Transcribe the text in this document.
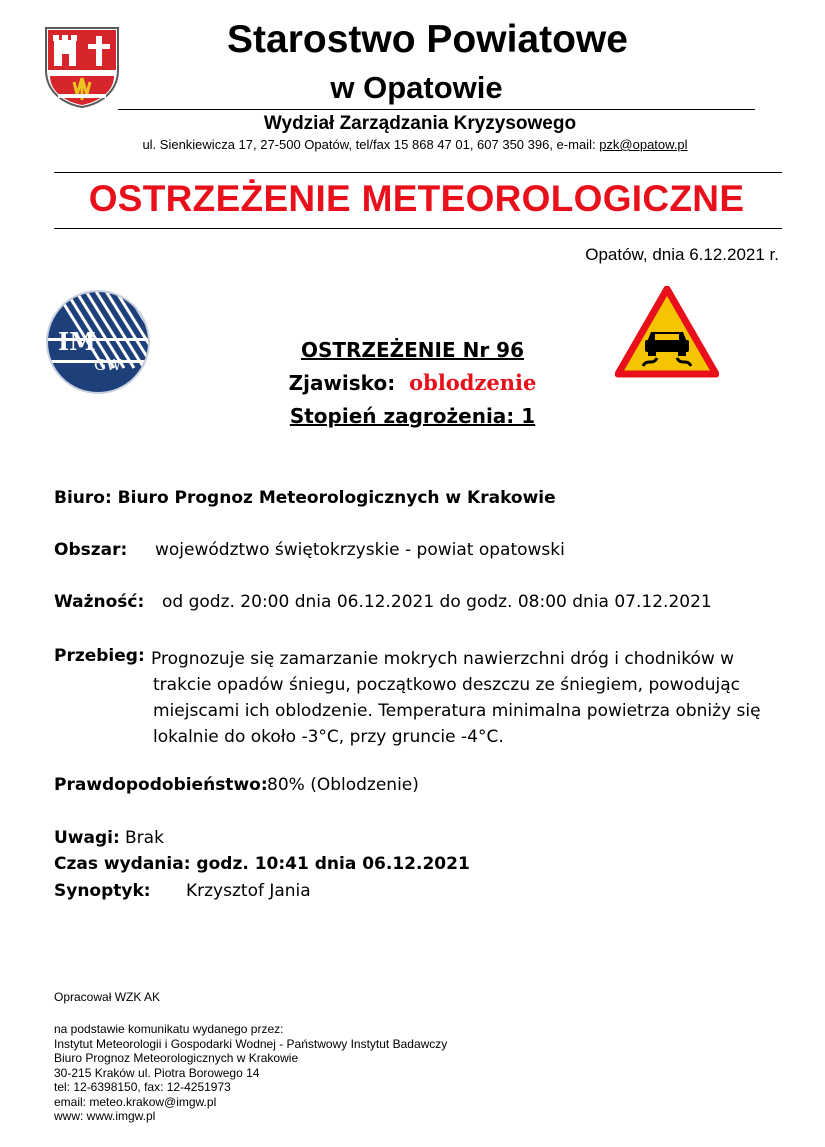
Starostwo Powiatowe
w Opatowie
Wydział Zarządzania Kryzysowego
ul. Sienkiewicza 17, 27-500 Opatów, tel/fax 15 868 47 01, 607 350 396, e-mail: pzk@opatow.pl
OSTRZEŻENIE METEOROLOGICZNE
Opatów, dnia 6.12.2021 r.
IM
GW
OSTRZEŻENIE Nr 96
Zjawisko: oblodzenie
Stopień zagrożenia: 1
Biuro: Biuro Prognoz Meteorologicznych w Krakowie
Obszar: województwo świętokrzyskie - powiat opatowski
Ważność: od godz. 20:00 dnia 06.12.2021 do godz. 08:00 dnia 07.12.2021
Przebieg: Prognozuje się zamarzanie mokrych nawierzchni dróg i chodników w
trakcie opadów śniegu, początkowo deszczu ze śniegiem, powodując
miejscami ich oblodzenie. Temperatura minimalna powietrza obniży się
lokalnie do około -3°C, przy gruncie -4°C.
Prawdopodobieństwo: 80% (Oblodzenie)
Uwagi: Brak
Czas wydania: godz. 10:41 dnia 06.12.2021
Synoptyk: Krzysztof Jania
Opracował WZK AK
na podstawie komunikatu wydanego przez:
Instytut Meteorologii i Gospodarki Wodnej - Państwowy Instytut Badawczy
Biuro Prognoz Meteorologicznych w Krakowie
30-215 Kraków ul. Piotra Borowego 14
tel: 12-6398150, fax: 12-4251973
email: meteo.krakow@imgw.pl
www: www.imgw.pl
